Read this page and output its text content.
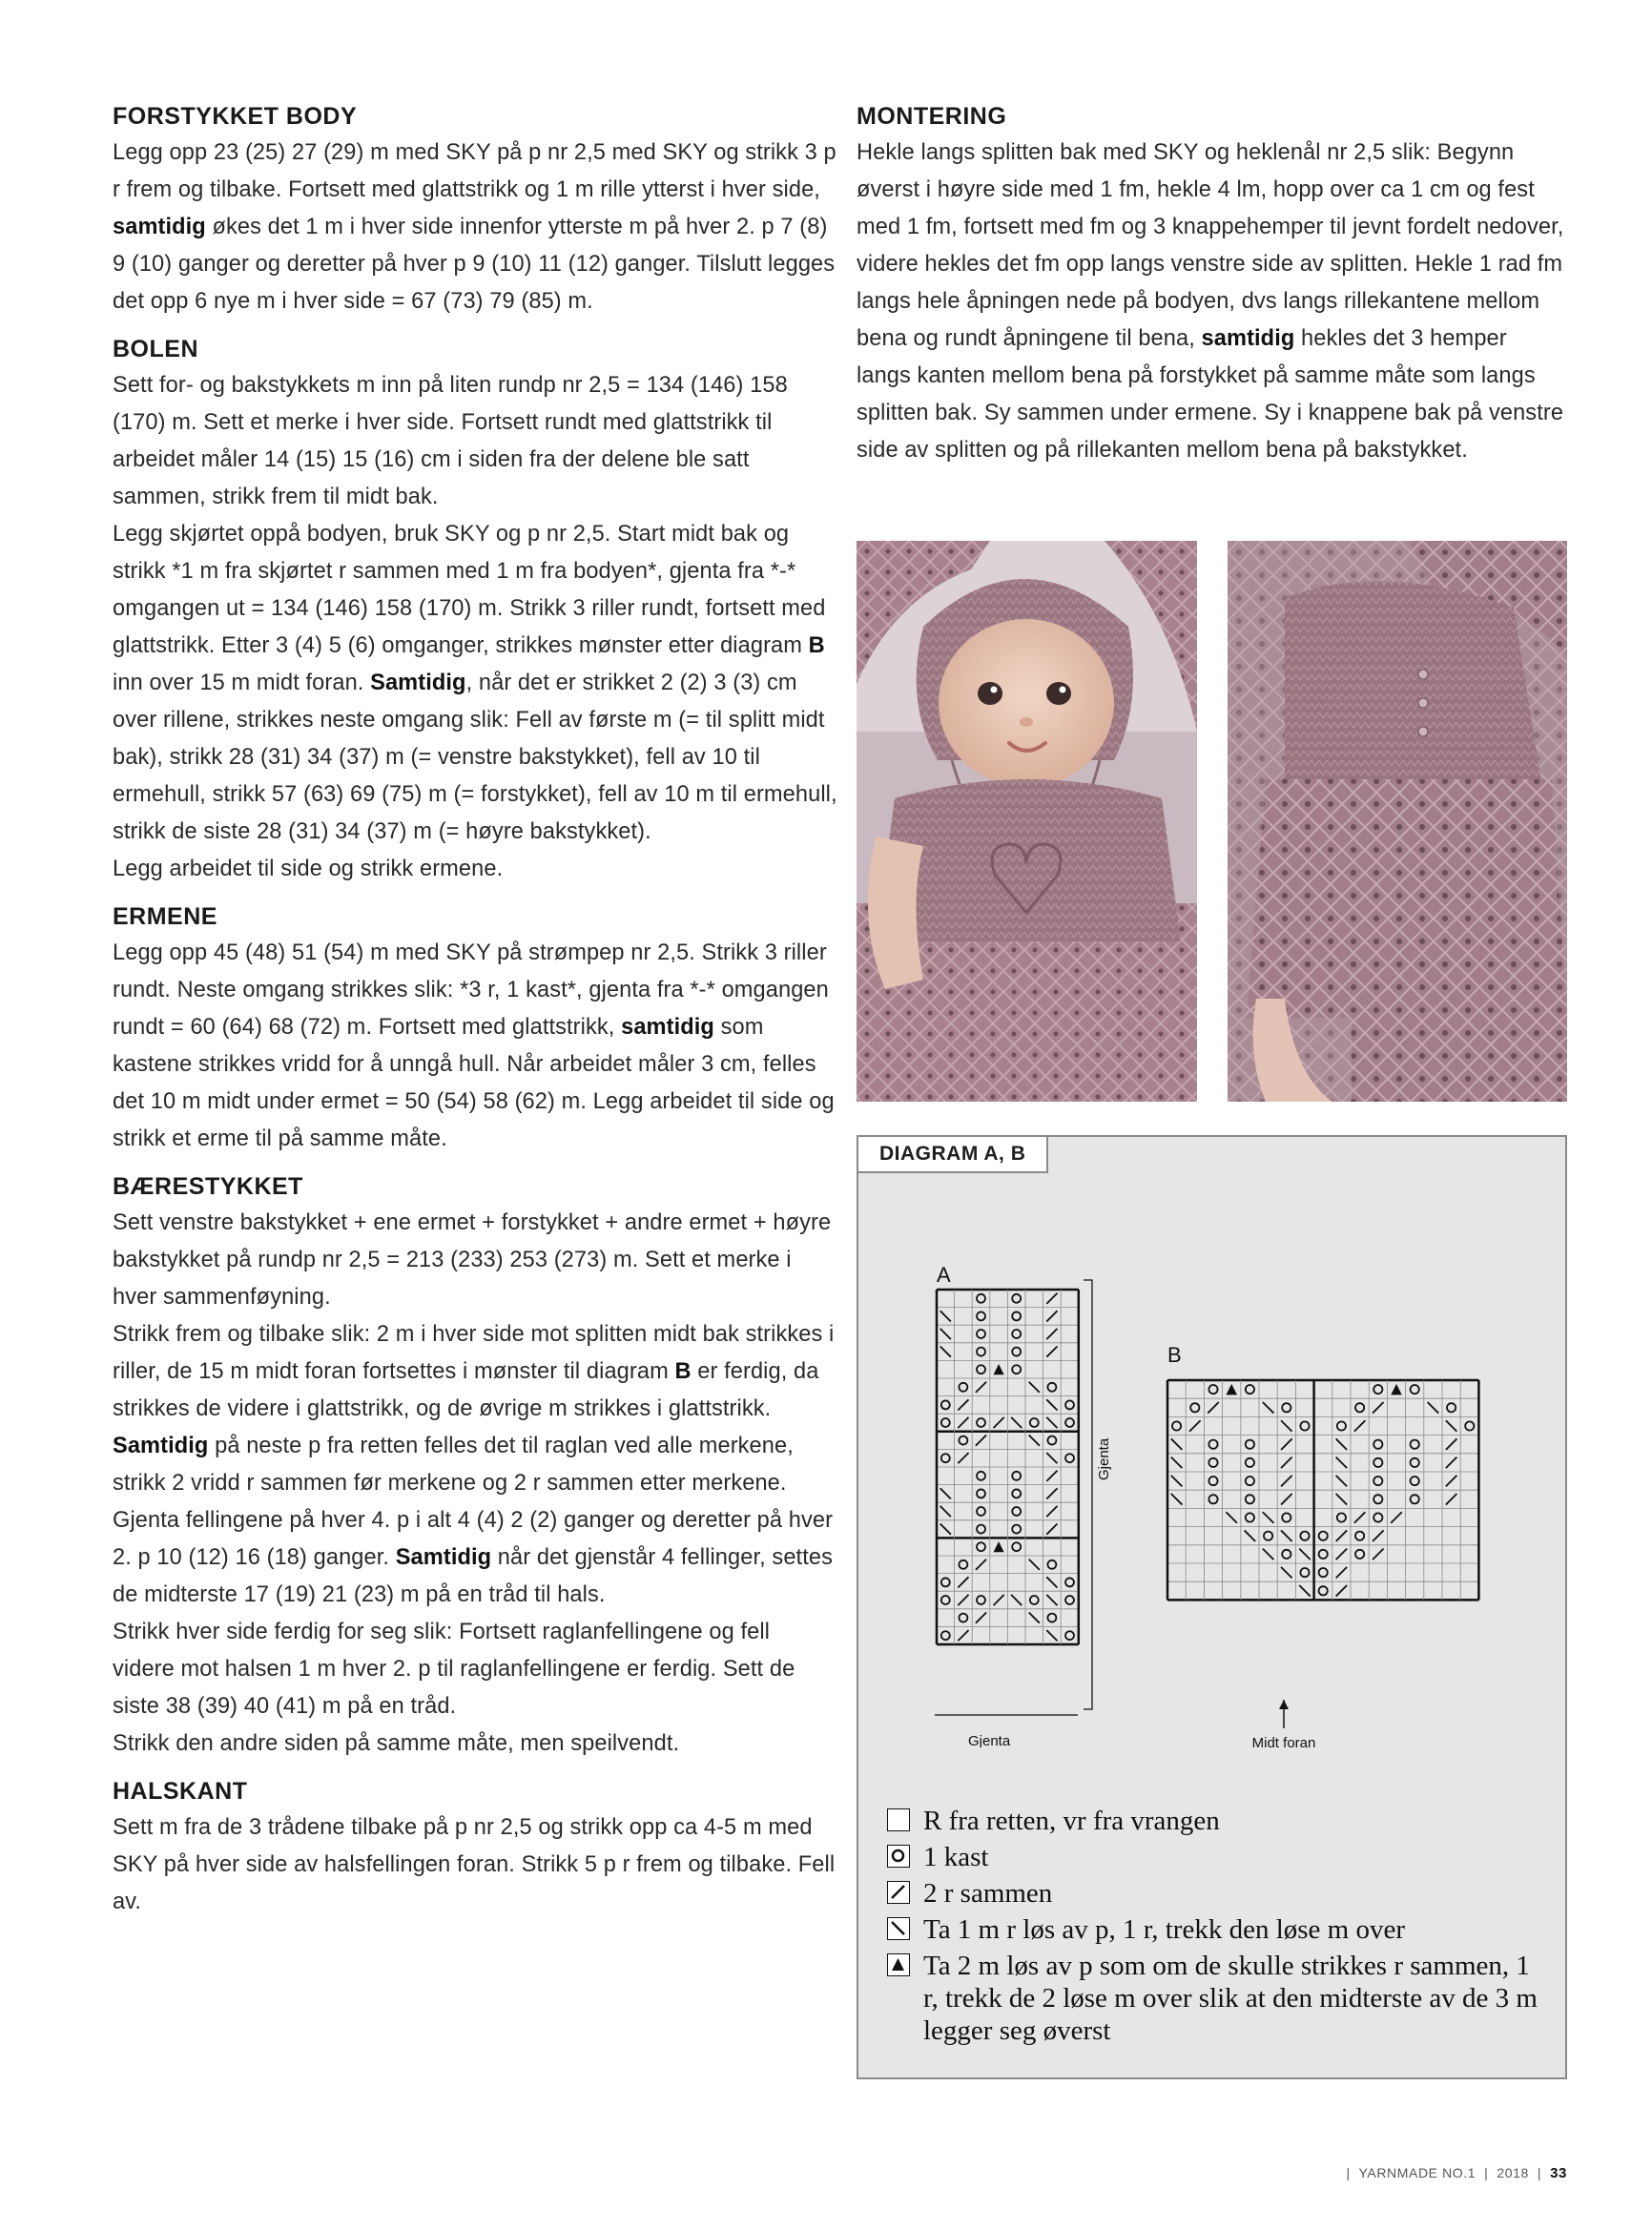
FORSTYKKET BODY

Legg opp 23 (25) 27 (29) m med SKY på p nr 2,5 med SKY og strikk 3 p r frem og tilbake. Fortsett med glattstrikk og 1 m rille ytterst i hver side, samtidig økes det 1 m i hver side innenfor ytterste m på hver 2. p 7 (8) 9 (10) ganger og deretter på hver p 9 (10) 11 (12) ganger. Tilslutt legges det opp 6 nye m i hver side = 67 (73) 79 (85) m.

BOLEN

Sett for- og bakstykkets m inn på liten rundp nr 2,5 = 134 (146) 158 (170) m. Sett et merke i hver side. Fortsett rundt med glattstrikk til arbeidet måler 14 (15) 15 (16) cm i siden fra der delene ble satt sammen, strikk frem til midt bak.

Legg skjørtet oppå bodyen, bruk SKY og p nr 2,5. Start midt bak og strikk *1 m fra skjørtet r sammen med 1 m fra bodyen*, gjenta fra *-* omgangen ut = 134 (146) 158 (170) m. Strikk 3 riller rundt, fortsett med glattstrikk. Etter 3 (4) 5 (6) omganger, strikkes mønster etter diagram B inn over 15 m midt foran. Samtidig, når det er strikket 2 (2) 3 (3) cm over rillene, strikkes neste omgang slik: Fell av første m (= til splitt midt bak), strikk 28 (31) 34 (37) m (= venstre bakstykket), fell av 10 til ermehull, strikk 57 (63) 69 (75) m (= forstykket), fell av 10 m til ermehull, strikk de siste 28 (31) 34 (37) m (= høyre bakstykket).

Legg arbeidet til side og strikk ermene.

ERMENE

Legg opp 45 (48) 51 (54) m med SKY på strømpep nr 2,5. Strikk 3 riller rundt. Neste omgang strikkes slik: *3 r, 1 kast*, gjenta fra *-* omgangen rundt = 60 (64) 68 (72) m. Fortsett med glattstrikk, samtidig som kastene strikkes vridd for å unngå hull. Når arbeidet måler 3 cm, felles det 10 m midt under ermet = 50 (54) 58 (62) m. Legg arbeidet til side og strikk et erme til på samme måte.

BÆRESTYKKET

Sett venstre bakstykket + ene ermet + forstykket + andre ermet + høyre bakstykket på rundp nr 2,5 = 213 (233) 253 (273) m. Sett et merke i hver sammenføyning.

Strikk frem og tilbake slik: 2 m i hver side mot splitten midt bak strikkes i riller, de 15 m midt foran fortsettes i mønster til diagram B er ferdig, da strikkes de videre i glattstrikk, og de øvrige m strikkes i glattstrikk. Samtidig på neste p fra retten felles det til raglan ved alle merkene, strikk 2 vridd r sammen før merkene og 2 r sammen etter merkene. Gjenta fellingene på hver 4. p i alt 4 (4) 2 (2) ganger og deretter på hver 2. p 10 (12) 16 (18) ganger. Samtidig når det gjenstår 4 fellinger, settes de midterste 17 (19) 21 (23) m på en tråd til hals.

Strikk hver side ferdig for seg slik: Fortsett raglanfellingene og fell videre mot halsen 1 m hver 2. p til raglanfellingene er ferdig. Sett de siste 38 (39) 40 (41) m på en tråd.

Strikk den andre siden på samme måte, men speilvendt.

HALSKANT

Sett m fra de 3 trådene tilbake på p nr 2,5 og strikk opp ca 4-5 m med SKY på hver side av halsfellingen foran. Strikk 5 p r frem og tilbake. Fell av.

MONTERING

Hekle langs splitten bak med SKY og heklenål nr 2,5 slik: Begynn øverst i høyre side med 1 fm, hekle 4 lm, hopp over ca 1 cm og fest med 1 fm, fortsett med fm og 3 knappehemper til jevnt fordelt nedover, videre hekles det fm opp langs venstre side av splitten. Hekle 1 rad fm langs hele åpningen nede på bodyen, dvs langs rillekantene mellom bena og rundt åpningene til bena, samtidig hekles det 3 hemper langs kanten mellom bena på forstykket på samme måte som langs splitten bak. Sy sammen under ermene. Sy i knappene bak på venstre side av splitten og på rillekanten mellom bena på bakstykket.

DIAGRAM A, B
A
B
Gjenta
Gjenta	Midt foran
R fra retten, vr fra vrangen
1 kast
2 r sammen
Ta 1 m r løs av p, 1 r, trekk den løse m over
Ta 2 m løs av p som om de skulle strikkes r sammen, 1 r, trekk de 2 løse m over slik at den midterste av de 3 m legger seg øverst
|  YARNMADE NO.1  |  2018  |  33
